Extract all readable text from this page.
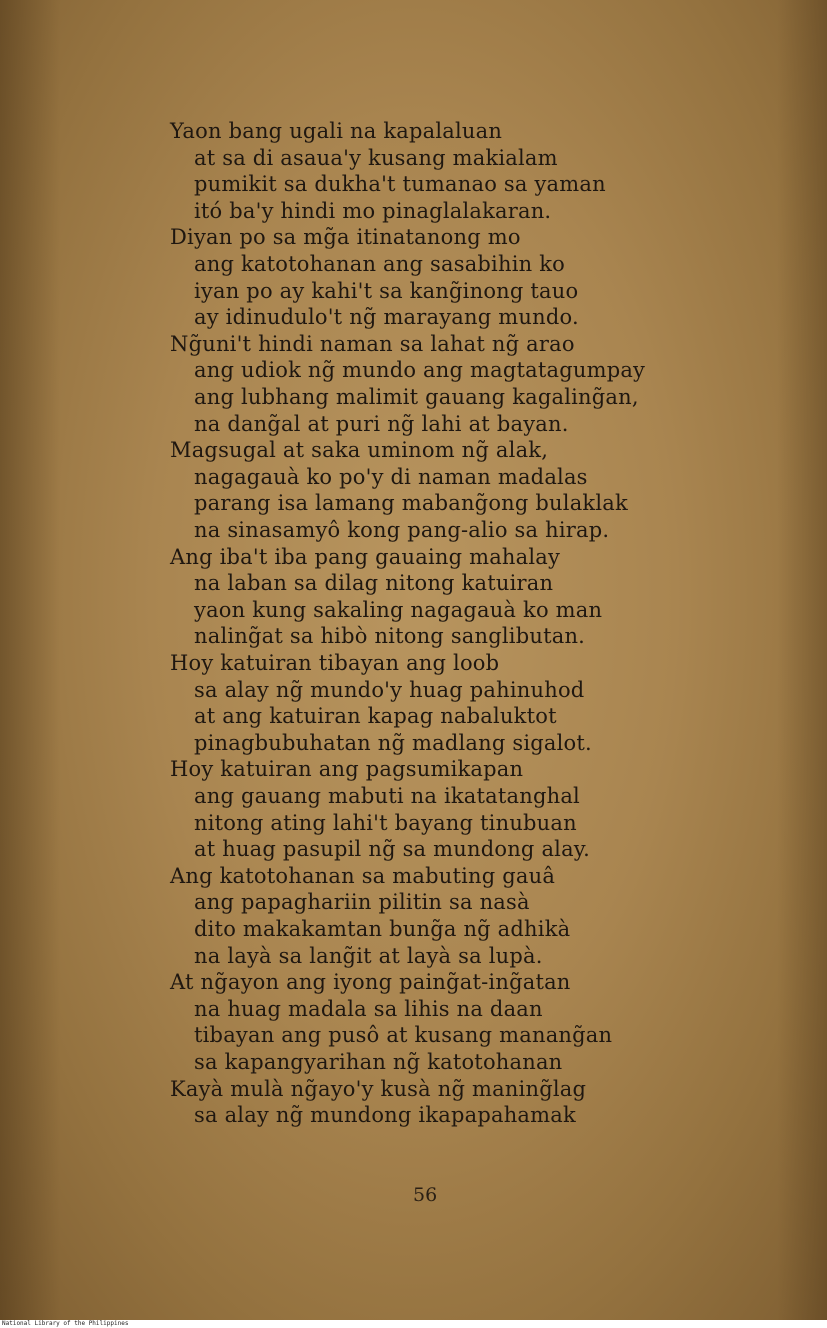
Yaon bang ugali na kapalaluan
at sa di asaua'y kusang makialam
pumikit sa dukha't tumanao sa yaman
itó ba'y hindi mo pinaglalakaran.
Diyan po sa mg̃a itinatanong mo
ang katotohanan ang sasabihin ko
iyan po ay kahi't sa kang̃inong tauo
ay idinudulo't ng̃ marayang mundo.
Ng̃uni't hindi naman sa lahat ng̃ arao
ang udiok ng̃ mundo ang magtatagumpay
ang lubhang malimit gauang kagaling̃an,
na dang̃al at puri ng̃ lahi at bayan.
Magsugal at saka uminom ng̃ alak,
nagagauà ko po'y di naman madalas
parang isa lamang mabang̃ong bulaklak
na sinasamyô kong pang-alio sa hirap.
Ang iba't iba pang gauaing mahalay
na laban sa dilag nitong katuiran
yaon kung sakaling nagagauà ko man
naling̃at sa hibò nitong sanglibutan.
Hoy katuiran tibayan ang loob
sa alay ng̃ mundo'y huag pahinuhod
at ang katuiran kapag nabaluktot
pinagbubuhatan ng̃ madlang sigalot.
Hoy katuiran ang pagsumikapan
ang gauang mabuti na ikatatanghal
nitong ating lahi't bayang tinubuan
at huag pasupil ng̃ sa mundong alay.
Ang katotohanan sa mabuting gauâ
ang papaghariin pilitin sa nasà
dito makakamtan bung̃a ng̃ adhikà
na layà sa lang̃it at layà sa lupà.
At ng̃ayon ang iyong paing̃at-ing̃atan
na huag madala sa lihis na daan
tibayan ang pusô at kusang manang̃an
sa kapangyarihan ng̃ katotohanan
Kayà mulà ng̃ayo'y kusà ng̃ maning̃lag
sa alay ng̃ mundong ikapapahamak
56
National Library of the Philippines
